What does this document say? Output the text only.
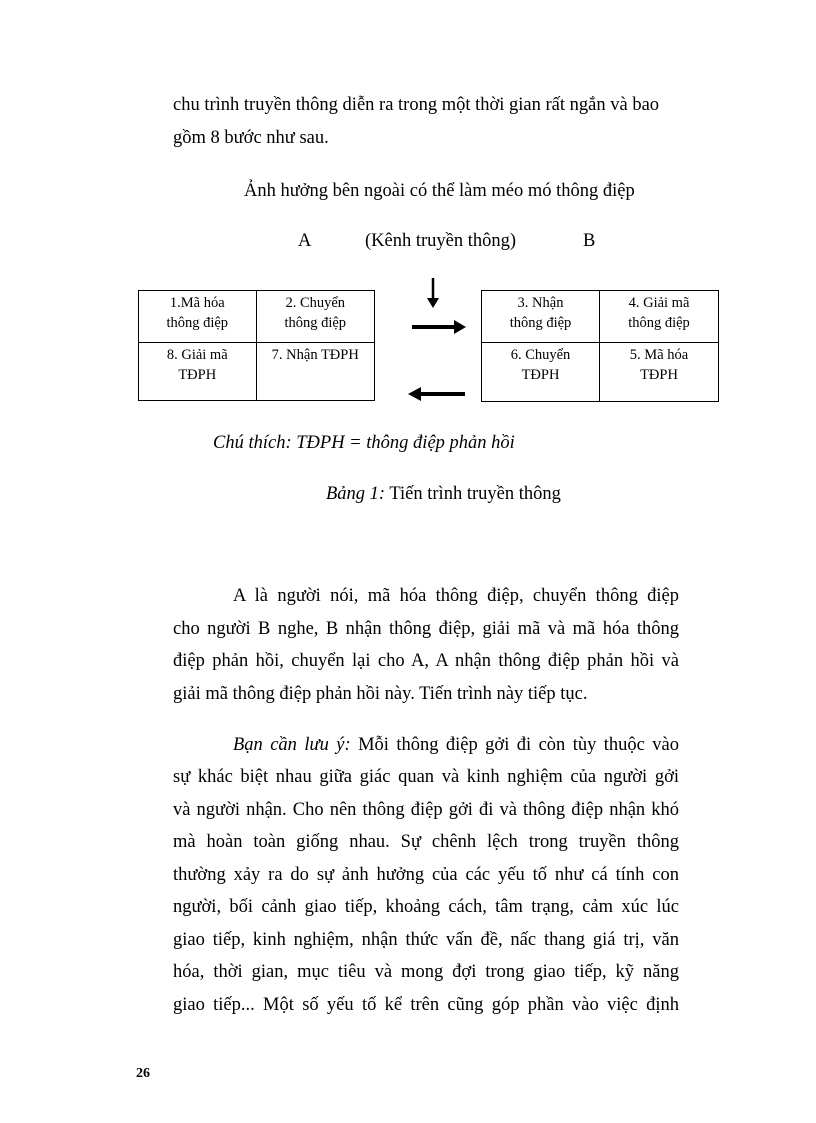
chu trình truyền thông diễn ra trong một thời gian rất ngắn và bao
gồm 8 bước như sau.
Ảnh hưởng bên ngoài có thể làm méo mó thông điệp
A	(Kênh truyền thông)	B
1.Mã hóa
thông điệp
2. Chuyển
thông điệp
8. Giải mã
TĐPH
7. Nhận TĐPH
3. Nhận
thông điệp
4. Giải mã
thông điệp
6. Chuyển
TĐPH
5. Mã hóa
TĐPH
Chú thích: TĐPH = thông điệp phản hồi
Bảng 1: Tiến trình truyền thông
A là người nói, mã hóa thông điệp, chuyển thông điệp
cho người B nghe, B nhận thông điệp, giải mã và mã hóa thông
điệp phản hồi, chuyển lại cho A, A nhận thông điệp phản hồi và
giải mã thông điệp phản hồi này. Tiến trình này tiếp tục.
Bạn cần lưu ý: Mỗi thông điệp gởi đi còn tùy thuộc vào
sự khác biệt nhau giữa giác quan và kinh nghiệm của người gởi
và người nhận. Cho nên thông điệp gởi đi và thông điệp nhận khó
mà hoàn toàn giống nhau. Sự chênh lệch trong truyền thông
thường xảy ra do sự ảnh hưởng của các yếu tố như cá tính con
người, bối cảnh giao tiếp, khoảng cách, tâm trạng, cảm xúc lúc
giao tiếp, kinh nghiệm, nhận thức vấn đề, nấc thang giá trị, văn
hóa, thời gian, mục tiêu và mong đợi trong giao tiếp, kỹ năng
giao tiếp... Một số yếu tố kể trên cũng góp phần vào việc định
26
